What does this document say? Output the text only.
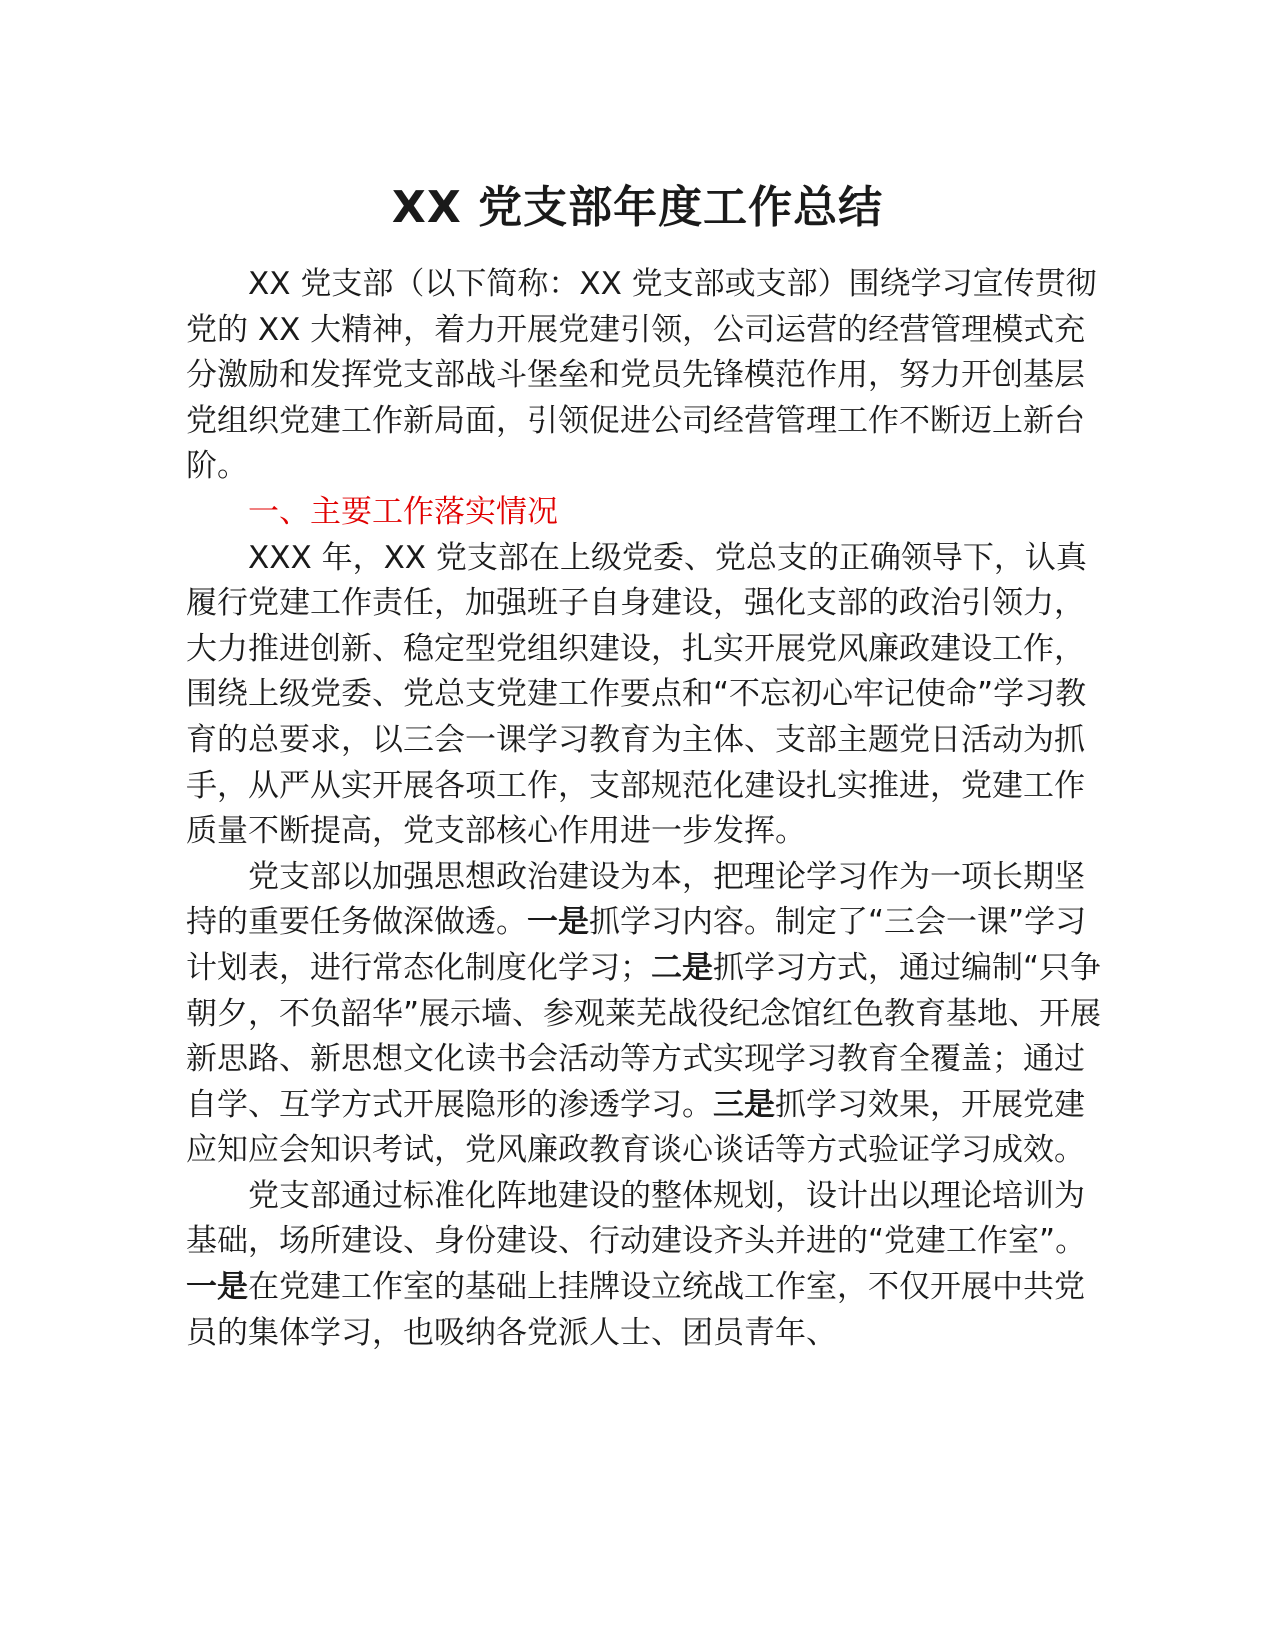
XX 党支部年度工作总结

XX 党支部（以下简称：XX 党支部或支部）围绕学习宣传贯彻党的 XX 大精神，着力开展党建引领，公司运营的经营管理模式充分激励和发挥党支部战斗堡垒和党员先锋模范作用，努力开创基层党组织党建工作新局面，引领促进公司经营管理工作不断迈上新台阶。

一、主要工作落实情况

XXX 年，XX 党支部在上级党委、党总支的正确领导下，认真履行党建工作责任，加强班子自身建设，强化支部的政治引领力，大力推进创新、稳定型党组织建设，扎实开展党风廉政建设工作，围绕上级党委、党总支党建工作要点和“不忘初心牢记使命”学习教育的总要求，以三会一课学习教育为主体、支部主题党日活动为抓手，从严从实开展各项工作，支部规范化建设扎实推进，党建工作质量不断提高，党支部核心作用进一步发挥。

党支部以加强思想政治建设为本，把理论学习作为一项长期坚持的重要任务做深做透。一是抓学习内容。制定了“三会一课”学习计划表，进行常态化制度化学习；二是抓学习方式，通过编制“只争朝夕，不负韶华”展示墙、参观莱芜战役纪念馆红色教育基地、开展新思路、新思想文化读书会活动等方式实现学习教育全覆盖；通过自学、互学方式开展隐形的渗透学习。三是抓学习效果，开展党建应知应会知识考试，党风廉政教育谈心谈话等方式验证学习成效。

党支部通过标准化阵地建设的整体规划，设计出以理论培训为基础，场所建设、身份建设、行动建设齐头并进的“党建工作室”。一是在党建工作室的基础上挂牌设立统战工作室，不仅开展中共党员的集体学习，也吸纳各党派人士、团员青年、
